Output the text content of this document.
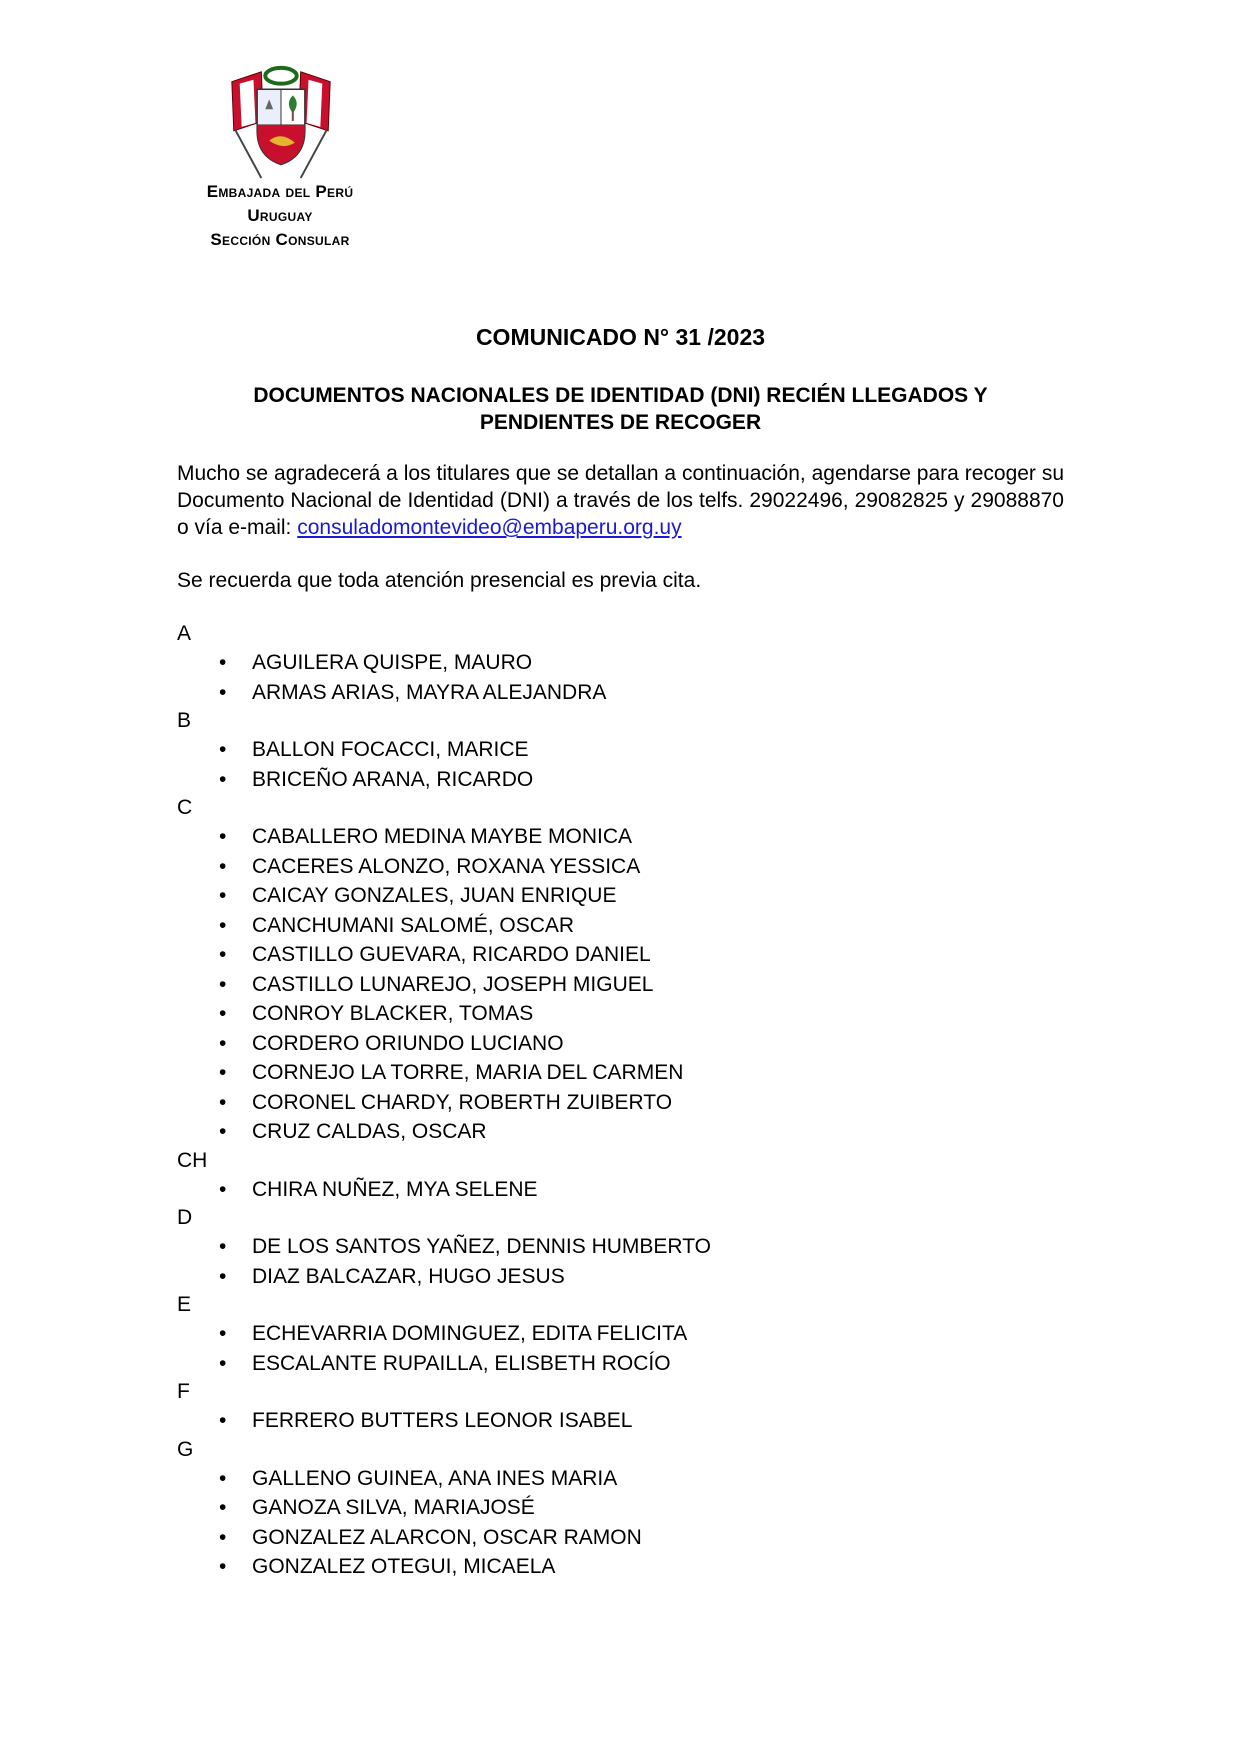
Embajada del Perú
Uruguay
Sección Consular
COMUNICADO N° 31 /2023
DOCUMENTOS NACIONALES DE IDENTIDAD (DNI) RECIÉN LLEGADOS Y PENDIENTES DE RECOGER
Mucho se agradecerá a los titulares que se detallan a continuación, agendarse para recoger su Documento Nacional de Identidad (DNI) a través de los telfs. 29022496, 29082825 y 29088870 o vía e-mail: consuladomontevideo@embaperu.org.uy
Se recuerda que toda atención presencial es previa cita.
A
• AGUILERA QUISPE, MAURO
• ARMAS ARIAS, MAYRA ALEJANDRA
B
• BALLON FOCACCI, MARICE
• BRICEÑO ARANA, RICARDO
C
• CABALLERO MEDINA MAYBE MONICA
• CACERES ALONZO, ROXANA YESSICA
• CAICAY GONZALES, JUAN ENRIQUE
• CANCHUMANI SALOMÉ, OSCAR
• CASTILLO GUEVARA, RICARDO DANIEL
• CASTILLO LUNAREJO, JOSEPH MIGUEL
• CONROY BLACKER, TOMAS
• CORDERO ORIUNDO LUCIANO
• CORNEJO LA TORRE, MARIA DEL CARMEN
• CORONEL CHARDY, ROBERTH ZUIBERTO
• CRUZ CALDAS, OSCAR
CH
• CHIRA NUÑEZ, MYA SELENE
D
• DE LOS SANTOS YAÑEZ, DENNIS HUMBERTO
• DIAZ BALCAZAR, HUGO JESUS
E
• ECHEVARRIA DOMINGUEZ, EDITA FELICITA
• ESCALANTE RUPAILLA, ELISBETH ROCÍO
F
• FERRERO BUTTERS LEONOR ISABEL
G
• GALLENO GUINEA, ANA INES MARIA
• GANOZA SILVA, MARIAJOSÉ
• GONZALEZ ALARCON, OSCAR RAMON
• GONZALEZ OTEGUI, MICAELA
